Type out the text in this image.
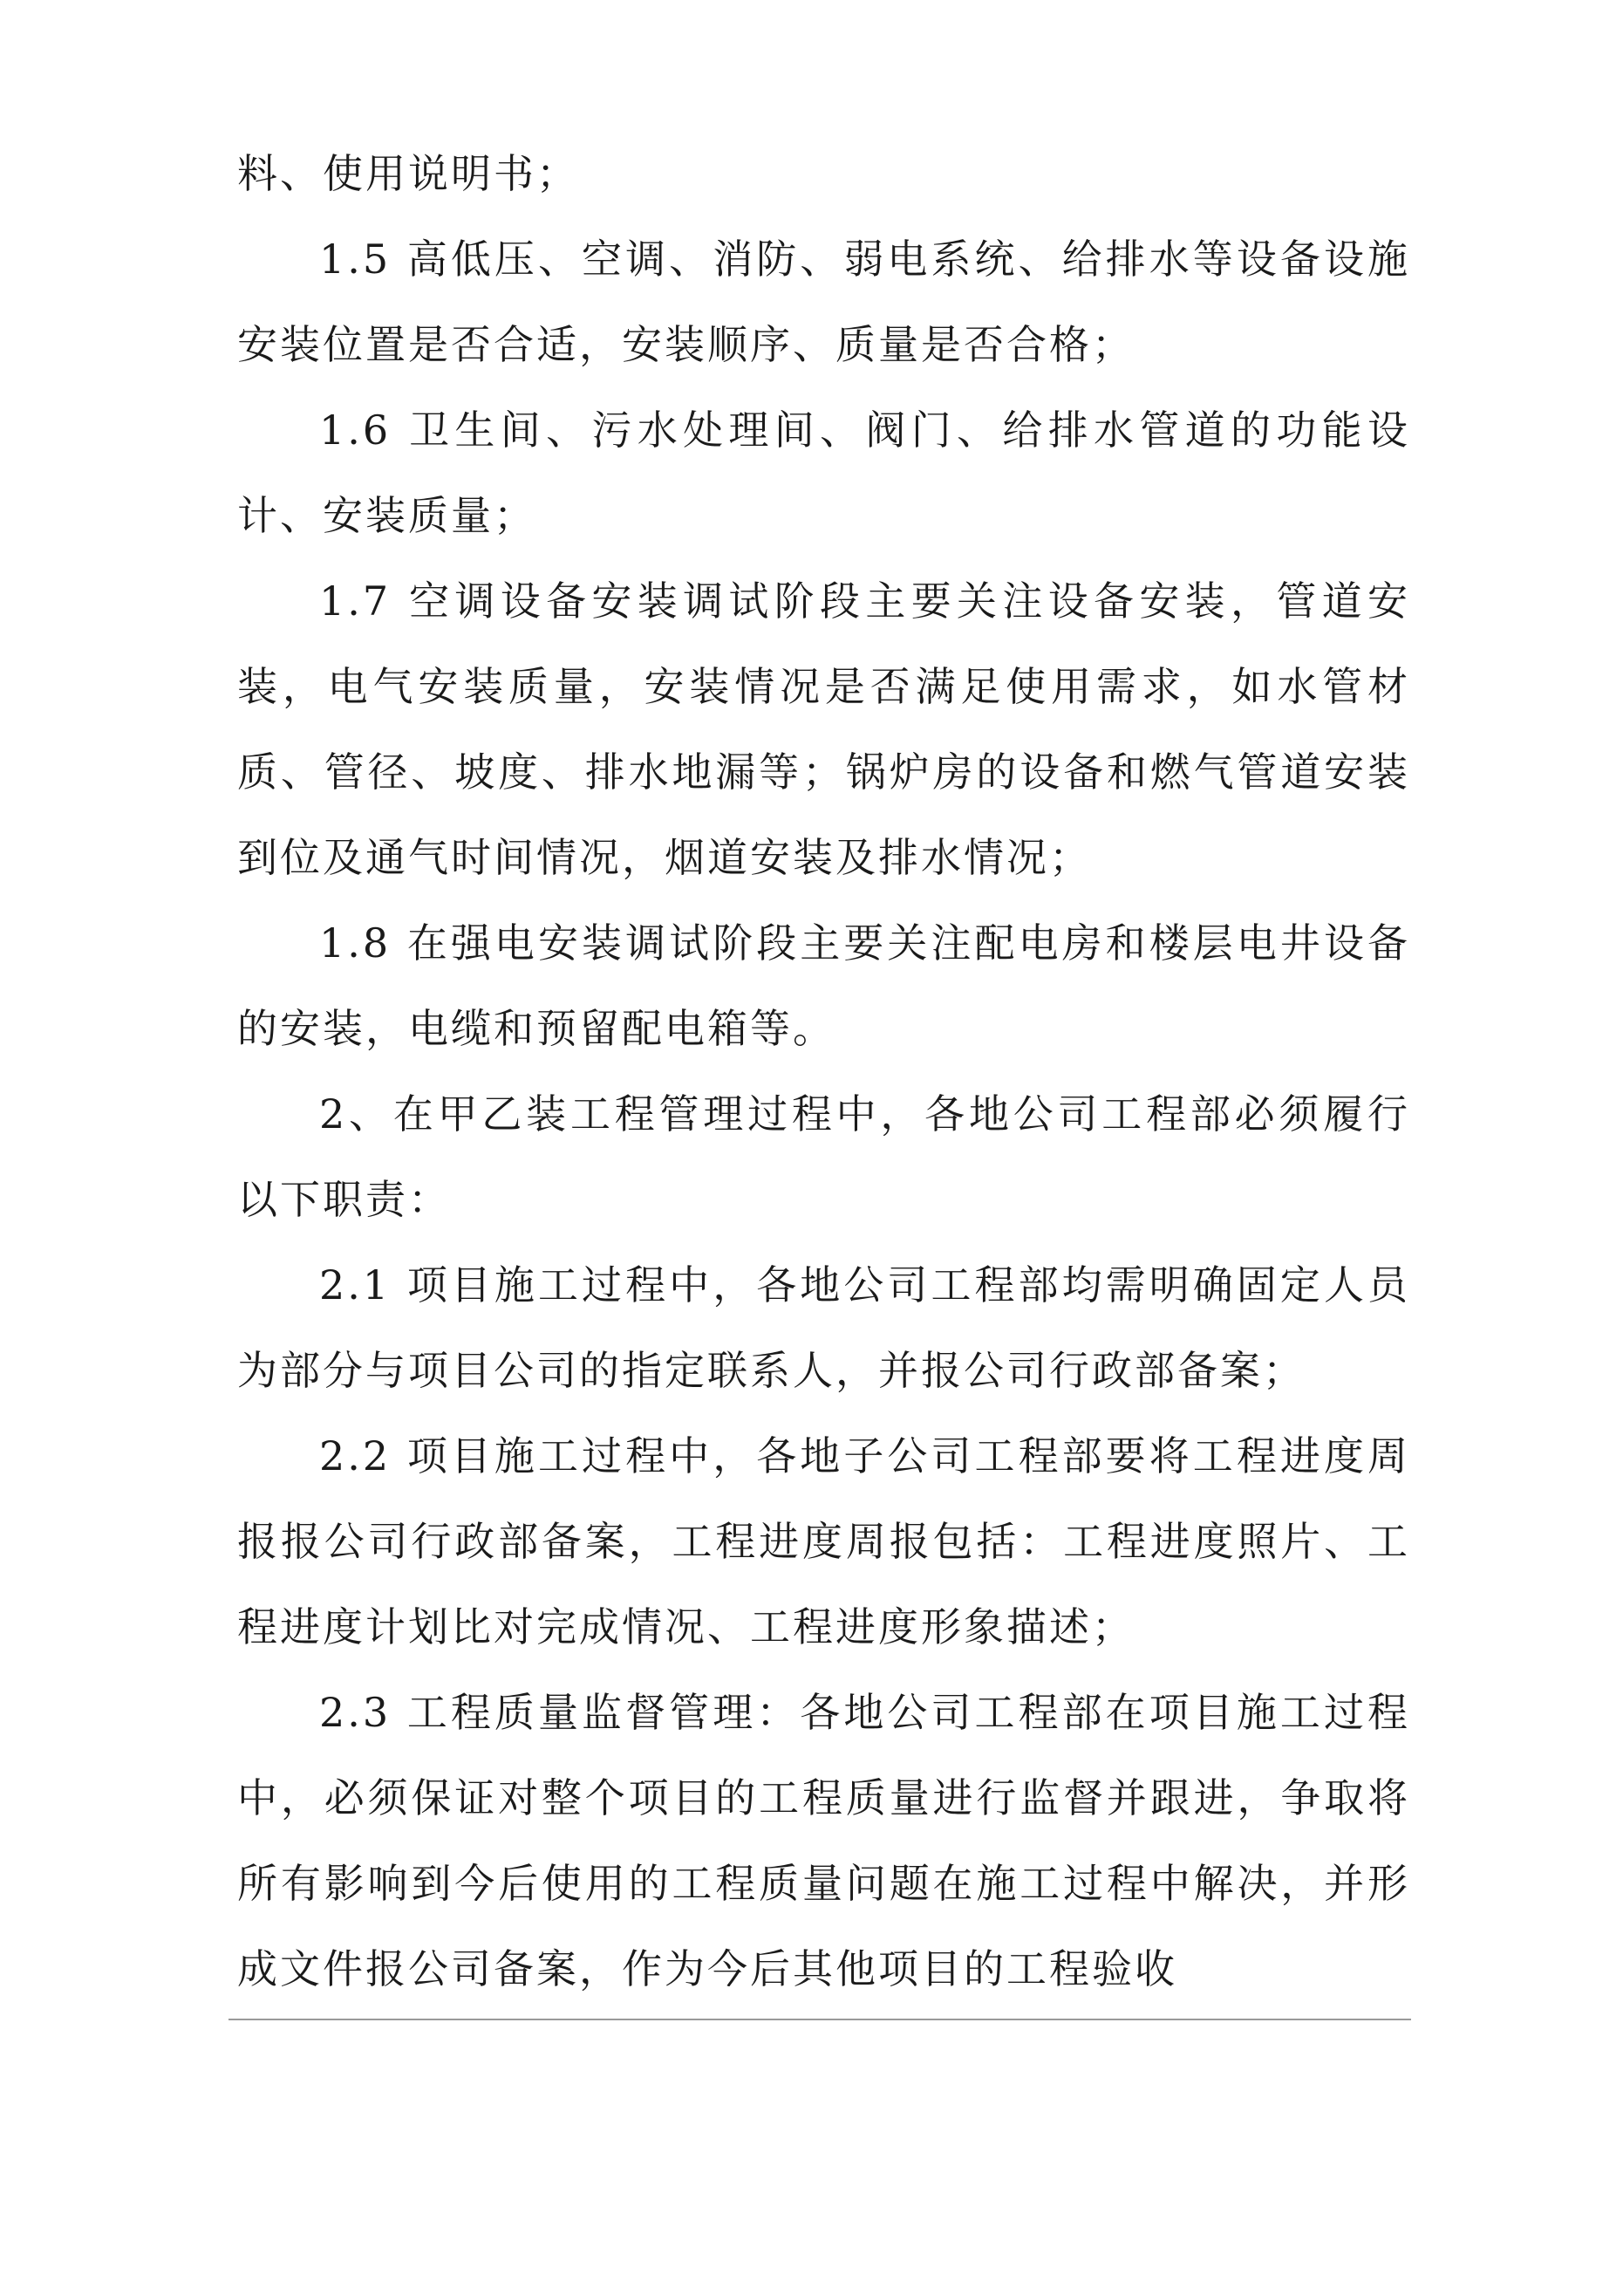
料、使用说明书；

1.5 高低压、空调、消防、弱电系统、给排水等设备设施安装位置是否合适，安装顺序、质量是否合格；

1.6 卫生间、污水处理间、阀门、给排水管道的功能设计、安装质量；

1.7 空调设备安装调试阶段主要关注设备安装，管道安装，电气安装质量，安装情况是否满足使用需求，如水管材质、管径、坡度、排水地漏等；锅炉房的设备和燃气管道安装到位及通气时间情况，烟道安装及排水情况；

1.8 在强电安装调试阶段主要关注配电房和楼层电井设备的安装，电缆和预留配电箱等。

2、在甲乙装工程管理过程中，各地公司工程部必须履行以下职责：

2.1 项目施工过程中，各地公司工程部均需明确固定人员为部分与项目公司的指定联系人，并报公司行政部备案；

2.2 项目施工过程中，各地子公司工程部要将工程进度周报报公司行政部备案，工程进度周报包括：工程进度照片、工程进度计划比对完成情况、工程进度形象描述；

2.3 工程质量监督管理：各地公司工程部在项目施工过程中，必须保证对整个项目的工程质量进行监督并跟进，争取将所有影响到今后使用的工程质量问题在施工过程中解决，并形成文件报公司备案，作为今后其他项目的工程验收
